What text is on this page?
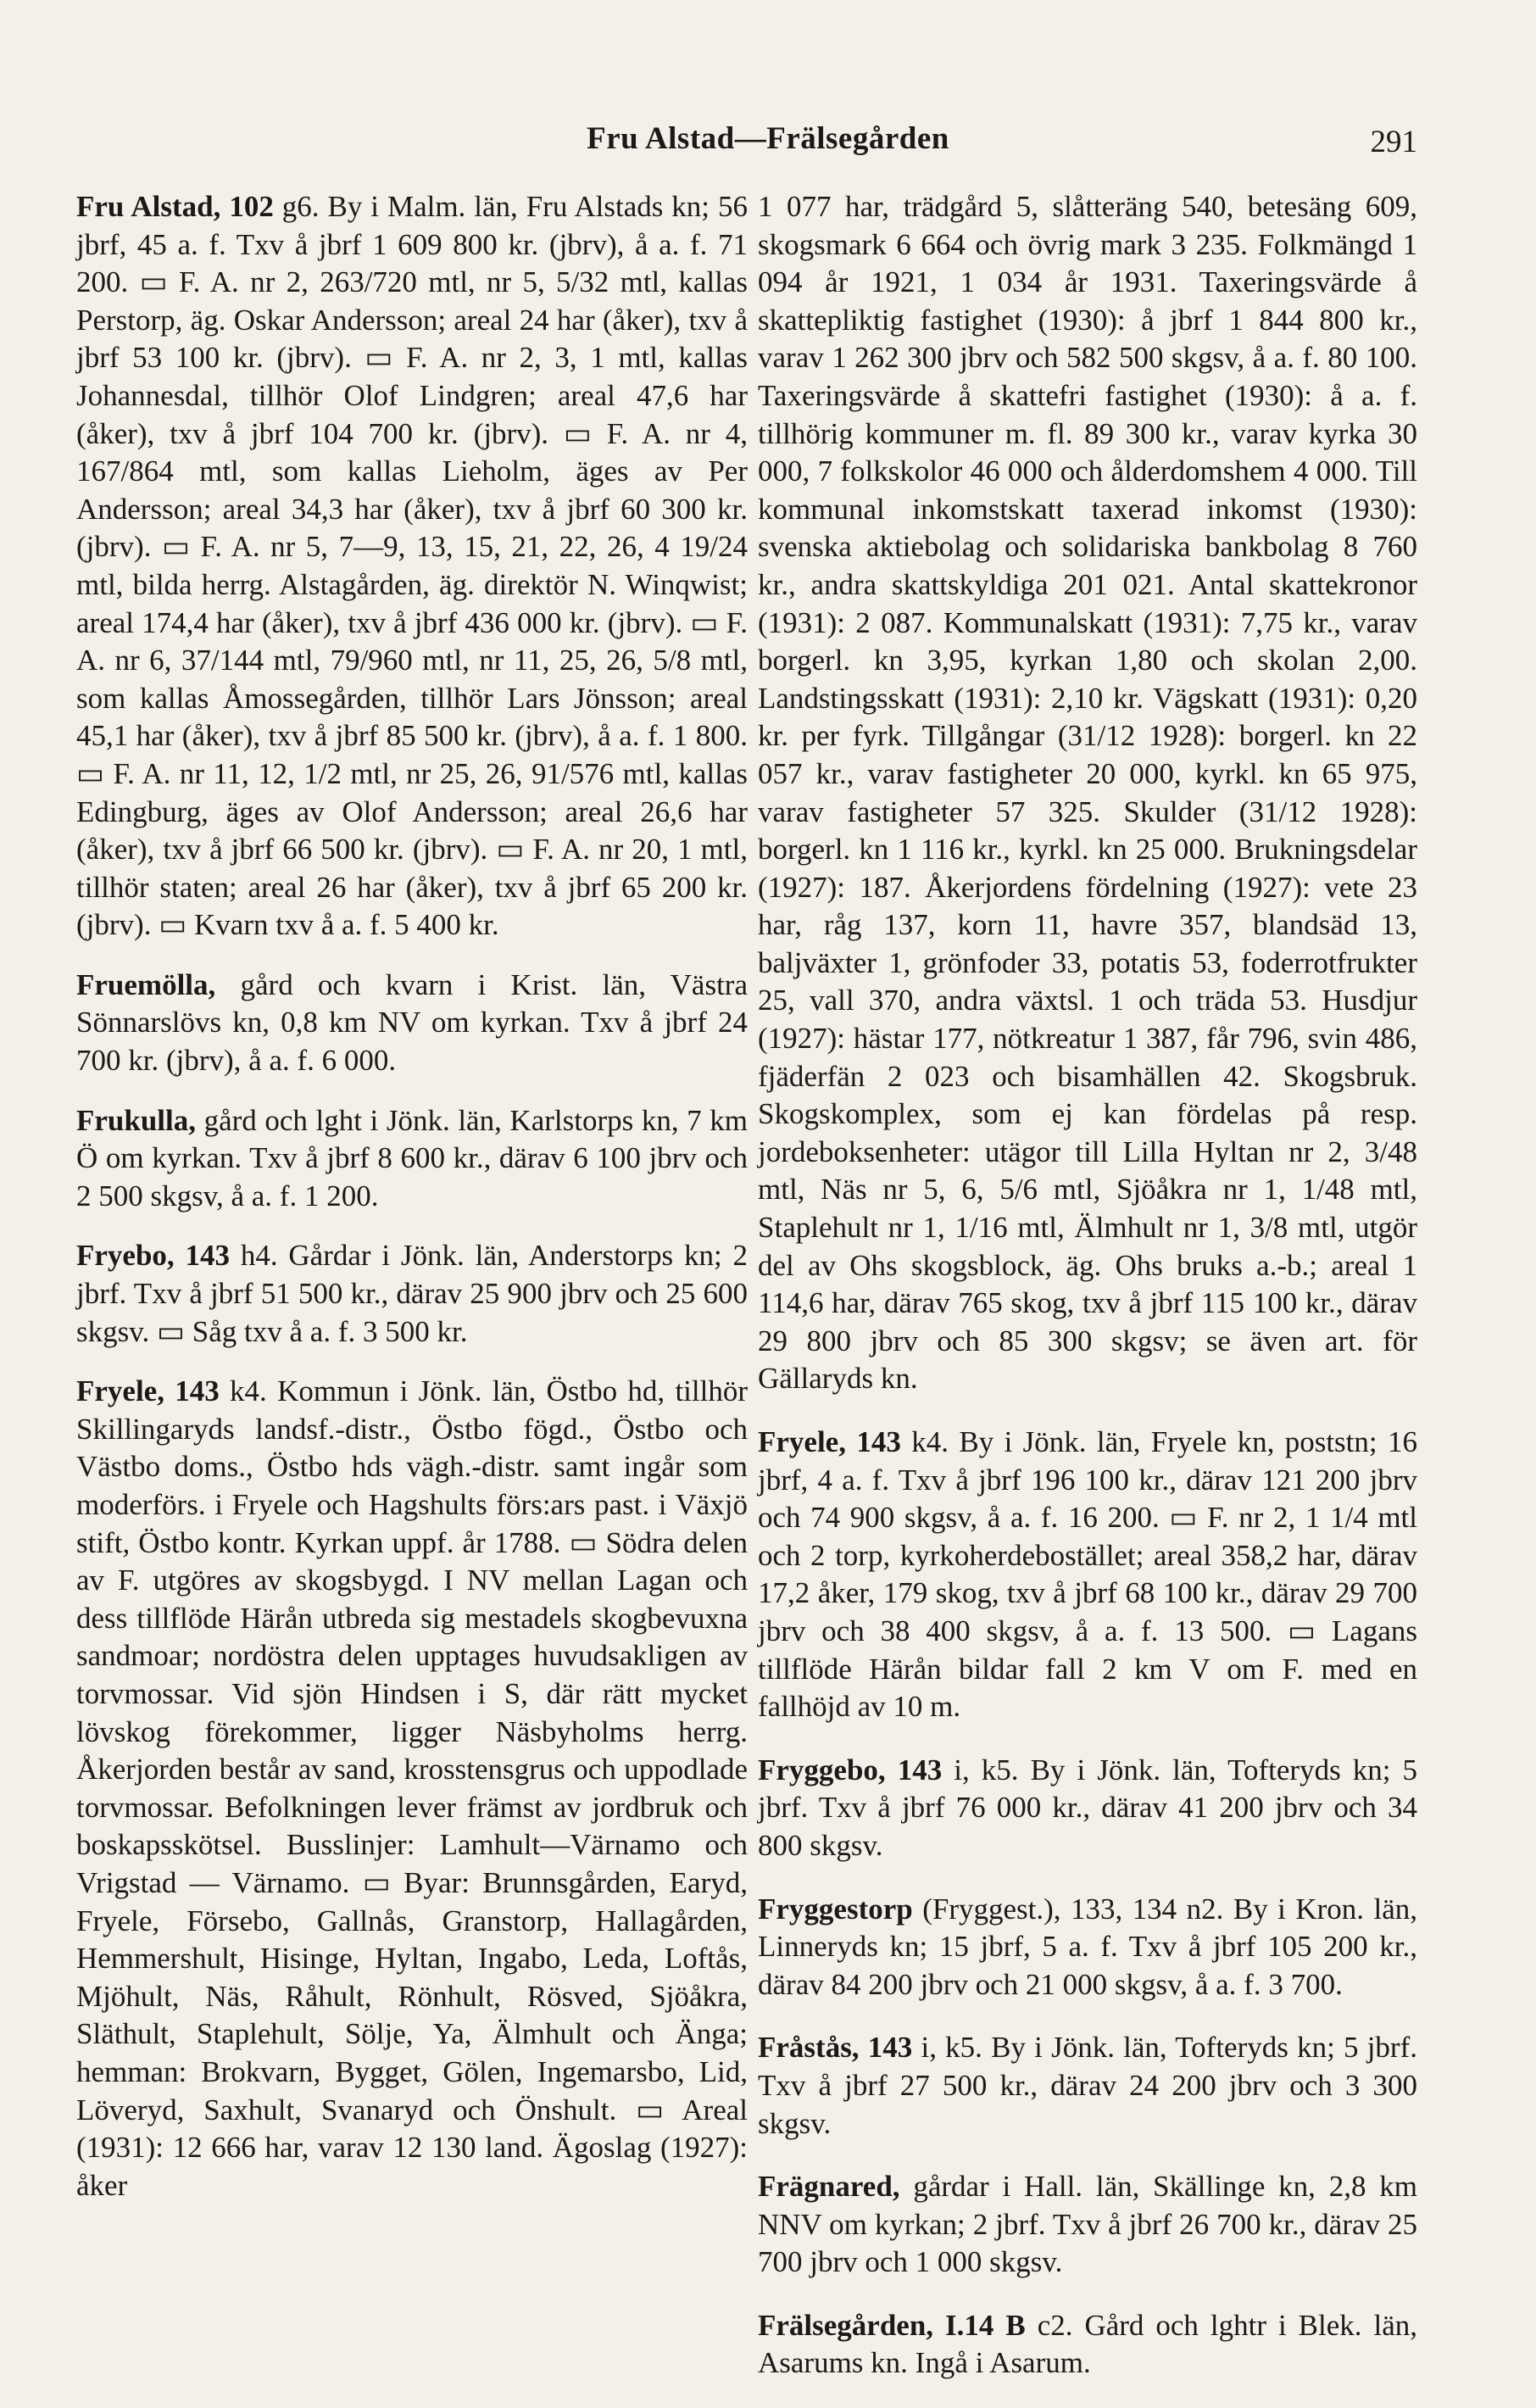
Fru Alstad—Frälsegården	291

Fru Alstad, 102 g6. By i Malm. län, Fru Alstads kn; 56 jbrf, 45 a. f. Txv å jbrf 1 609 800 kr. (jbrv), å a. f. 71 200. ▭ F. A. nr 2, 263/720 mtl, nr 5, 5/32 mtl, kallas Perstorp, äg. Oskar Andersson; areal 24 har (åker), txv å jbrf 53 100 kr. (jbrv). ▭ F. A. nr 2, 3, 1 mtl, kallas Johannesdal, tillhör Olof Lindgren; areal 47,6 har (åker), txv å jbrf 104 700 kr. (jbrv). ▭ F. A. nr 4, 167/864 mtl, som kallas Lieholm, äges av Per Andersson; areal 34,3 har (åker), txv å jbrf 60 300 kr. (jbrv). ▭ F. A. nr 5, 7—9, 13, 15, 21, 22, 26, 4 19/24 mtl, bilda herrg. Alstagården, äg. direktör N. Winqwist; areal 174,4 har (åker), txv å jbrf 436 000 kr. (jbrv). ▭ F. A. nr 6, 37/144 mtl, 79/960 mtl, nr 11, 25, 26, 5/8 mtl, som kallas Åmossegården, tillhör Lars Jönsson; areal 45,1 har (åker), txv å jbrf 85 500 kr. (jbrv), å a. f. 1 800. ▭ F. A. nr 11, 12, 1/2 mtl, nr 25, 26, 91/576 mtl, kallas Edingburg, äges av Olof Andersson; areal 26,6 har (åker), txv å jbrf 66 500 kr. (jbrv). ▭ F. A. nr 20, 1 mtl, tillhör staten; areal 26 har (åker), txv å jbrf 65 200 kr. (jbrv). ▭ Kvarn txv å a. f. 5 400 kr.

Fruemölla, gård och kvarn i Krist. län, Västra Sönnarslövs kn, 0,8 km NV om kyrkan. Txv å jbrf 24 700 kr. (jbrv), å a. f. 6 000.

Frukulla, gård och lght i Jönk. län, Karlstorps kn, 7 km Ö om kyrkan. Txv å jbrf 8 600 kr., därav 6 100 jbrv och 2 500 skgsv, å a. f. 1 200.

Fryebo, 143 h4. Gårdar i Jönk. län, Anderstorps kn; 2 jbrf. Txv å jbrf 51 500 kr., därav 25 900 jbrv och 25 600 skgsv. ▭ Såg txv å a. f. 3 500 kr.

Fryele, 143 k4. Kommun i Jönk. län, Östbo hd, tillhör Skillingaryds landsf.-distr., Östbo fögd., Östbo och Västbo doms., Östbo hds vägh.-distr. samt ingår som moderförs. i Fryele och Hagshults förs:ars past. i Växjö stift, Östbo kontr. Kyrkan uppf. år 1788. ▭ Södra delen av F. utgöres av skogsbygd. I NV mellan Lagan och dess tillflöde Härån utbreda sig mestadels skogbevuxna sandmoar; nordöstra delen upptages huvudsakligen av torvmossar. Vid sjön Hindsen i S, där rätt mycket lövskog förekommer, ligger Näsbyholms herrg. Åkerjorden består av sand, krosstensgrus och uppodlade torvmossar. Befolkningen lever främst av jordbruk och boskapsskötsel. Busslinjer: Lamhult—Värnamo och Vrigstad — Värnamo. ▭ Byar: Brunnsgården, Earyd, Fryele, Försebo, Gallnås, Granstorp, Hallagården, Hemmershult, Hisinge, Hyltan, Ingabo, Leda, Loftås, Mjöhult, Näs, Råhult, Rönhult, Rösved, Sjöåkra, Släthult, Staplehult, Sölje, Ya, Älmhult och Änga; hemman: Brokvarn, Bygget, Gölen, Ingemarsbo, Lid, Löveryd, Saxhult, Svanaryd och Önshult. ▭ Areal (1931): 12 666 har, varav 12 130 land. Ägoslag (1927): åker

1 077 har, trädgård 5, slåtteräng 540, betesäng 609, skogsmark 6 664 och övrig mark 3 235. Folkmängd 1 094 år 1921, 1 034 år 1931. Taxeringsvärde å skattepliktig fastighet (1930): å jbrf 1 844 800 kr., varav 1 262 300 jbrv och 582 500 skgsv, å a. f. 80 100. Taxeringsvärde å skattefri fastighet (1930): å a. f. tillhörig kommuner m. fl. 89 300 kr., varav kyrka 30 000, 7 folkskolor 46 000 och ålderdomshem 4 000. Till kommunal inkomstskatt taxerad inkomst (1930): svenska aktiebolag och solidariska bankbolag 8 760 kr., andra skattskyldiga 201 021. Antal skattekronor (1931): 2 087. Kommunalskatt (1931): 7,75 kr., varav borgerl. kn 3,95, kyrkan 1,80 och skolan 2,00. Landstingsskatt (1931): 2,10 kr. Vägskatt (1931): 0,20 kr. per fyrk. Tillgångar (31/12 1928): borgerl. kn 22 057 kr., varav fastigheter 20 000, kyrkl. kn 65 975, varav fastigheter 57 325. Skulder (31/12 1928): borgerl. kn 1 116 kr., kyrkl. kn 25 000. Brukningsdelar (1927): 187. Åkerjordens fördelning (1927): vete 23 har, råg 137, korn 11, havre 357, blandsäd 13, baljväxter 1, grönfoder 33, potatis 53, foderrotfrukter 25, vall 370, andra växtsl. 1 och träda 53. Husdjur (1927): hästar 177, nötkreatur 1 387, får 796, svin 486, fjäderfän 2 023 och bisamhällen 42. Skogsbruk. Skogskomplex, som ej kan fördelas på resp. jordeboksenheter: utägor till Lilla Hyltan nr 2, 3/48 mtl, Näs nr 5, 6, 5/6 mtl, Sjöåkra nr 1, 1/48 mtl, Staplehult nr 1, 1/16 mtl, Älmhult nr 1, 3/8 mtl, utgör del av Ohs skogsblock, äg. Ohs bruks a.-b.; areal 1 114,6 har, därav 765 skog, txv å jbrf 115 100 kr., därav 29 800 jbrv och 85 300 skgsv; se även art. för Gällaryds kn.

Fryele, 143 k4. By i Jönk. län, Fryele kn, poststn; 16 jbrf, 4 a. f. Txv å jbrf 196 100 kr., därav 121 200 jbrv och 74 900 skgsv, å a. f. 16 200. ▭ F. nr 2, 1 1/4 mtl och 2 torp, kyrkoherdebostället; areal 358,2 har, därav 17,2 åker, 179 skog, txv å jbrf 68 100 kr., därav 29 700 jbrv och 38 400 skgsv, å a. f. 13 500. ▭ Lagans tillflöde Härån bildar fall 2 km V om F. med en fallhöjd av 10 m.

Fryggebo, 143 i, k5. By i Jönk. län, Tofteryds kn; 5 jbrf. Txv å jbrf 76 000 kr., därav 41 200 jbrv och 34 800 skgsv.

Fryggestorp (Fryggest.), 133, 134 n2. By i Kron. län, Linneryds kn; 15 jbrf, 5 a. f. Txv å jbrf 105 200 kr., därav 84 200 jbrv och 21 000 skgsv, å a. f. 3 700.

Fråstås, 143 i, k5. By i Jönk. län, Tofteryds kn; 5 jbrf. Txv å jbrf 27 500 kr., därav 24 200 jbrv och 3 300 skgsv.

Frägnared, gårdar i Hall. län, Skällinge kn, 2,8 km NNV om kyrkan; 2 jbrf. Txv å jbrf 26 700 kr., därav 25 700 jbrv och 1 000 skgsv.

Frälsegården, I.14 B c2. Gård och lghtr i Blek. län, Asarums kn. Ingå i Asarum.
